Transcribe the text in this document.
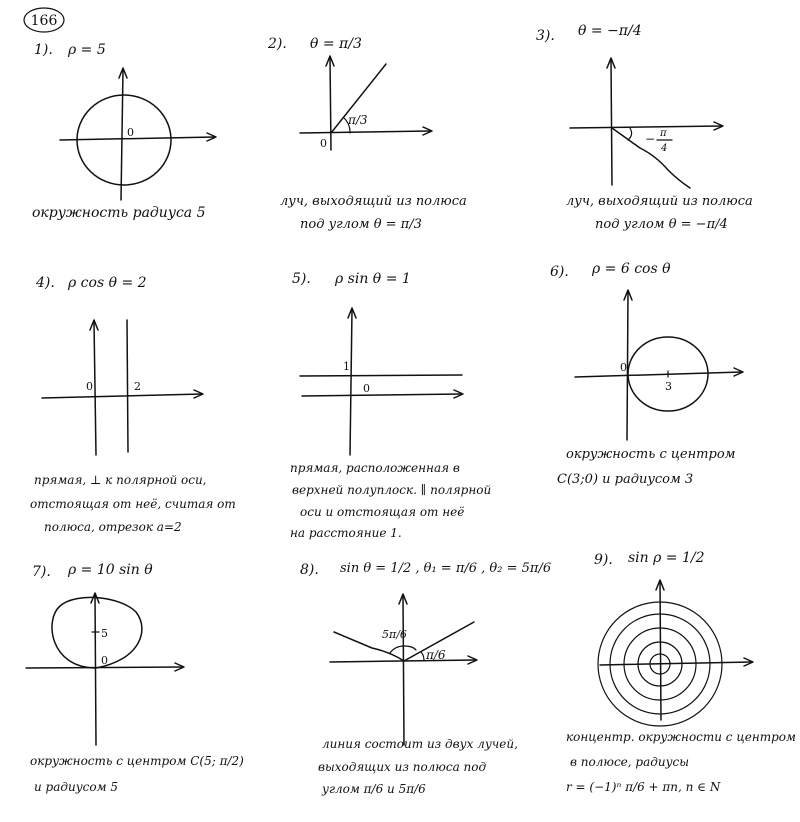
166
1). ρ = 5
0
окружность радиуса 5
2). θ = π/3
0
π/3
луч, выходящий из полюса
под углом θ = π/3
3). θ = −π/4
− π
4
луч, выходящий из полюса
под углом θ = −π/4
4). ρ cos θ = 2
0	2
прямая, ⊥ к полярной оси,
отстоящая от неё, считая от
полюса, отрезок a=2
5). ρ sin θ = 1
1
0
прямая, расположенная в
верхней полуплоск. ∥ полярной
оси и отстоящая от неё
на расстояние 1.
6). ρ = 6 cos θ
0
3
окружность с центром
C(3;0) и радиусом 3
7). ρ = 10 sin θ
5
0
окружность с центром C(5; π/2)
и радиусом 5
8). sin θ = 1/2 , θ₁ = π/6 , θ₂ = 5π/6
5π/6
π/6
линия состоит из двух лучей,
выходящих из полюса под
углом π/6 и 5π/6
9). sin ρ = 1/2
концентр. окружности с центром
в полюсе, радиусы
r = (−1)ⁿ π/6 + πn, n ∈ N
